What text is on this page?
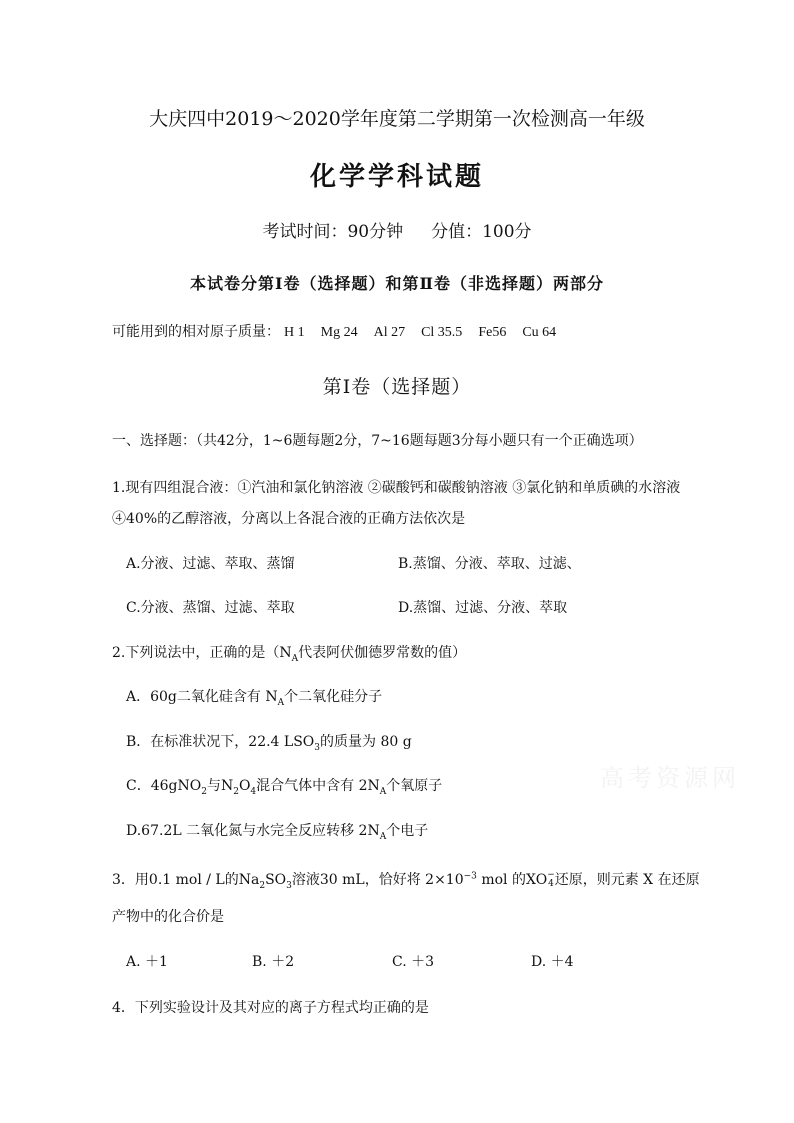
大庆四中2019～2020学年度第二学期第一次检测高一年级
化学学科试题
考试时间：90分钟 分值：100分
本试卷分第Ⅰ卷（选择题）和第Ⅱ卷（非选择题）两部分
可能用到的相对原子质量： H 1 Mg 24 Al 27 Cl 35.5 Fe56 Cu 64
第Ⅰ卷（选择题）
一、选择题：（共42分，1~6题每题2分，7~16题每题3分每小题只有一个正确选项）
1.现有四组混合液：①汽油和氯化钠溶液 ②碳酸钙和碳酸钠溶液 ③氯化钠和单质碘的水溶液
④40%的乙醇溶液，分离以上各混合液的正确方法依次是
A.分液、过滤、萃取、蒸馏	B.蒸馏、分液、萃取、过滤、
C.分液、蒸馏、过滤、萃取	D.蒸馏、过滤、分液、萃取
2.下列说法中，正确的是（$N_A$代表阿伏伽德罗常数的值）
A．60g二氧化硅含有 $N_A$个二氧化硅分子
B．在标准状况下，22.4 $LSO_3$的质量为 80 g
C．46gNO$_2$与$N_2O_4$混合气体中含有 $2N_A$个氧原子
D.67.2L 二氧化氮与水完全反应转移 $2N_A$个电子
高考资源网
3．用0.1 mol / L的$Na_2SO_3$溶液30 mL，恰好将 $2\times 10^{-3}$ mol 的XO−
4还原，则元素 X 在还原
产物中的化合价是
A. ＋1	B. ＋2	C. ＋3	D. ＋4
4．下列实验设计及其对应的离子方程式均正确的是
